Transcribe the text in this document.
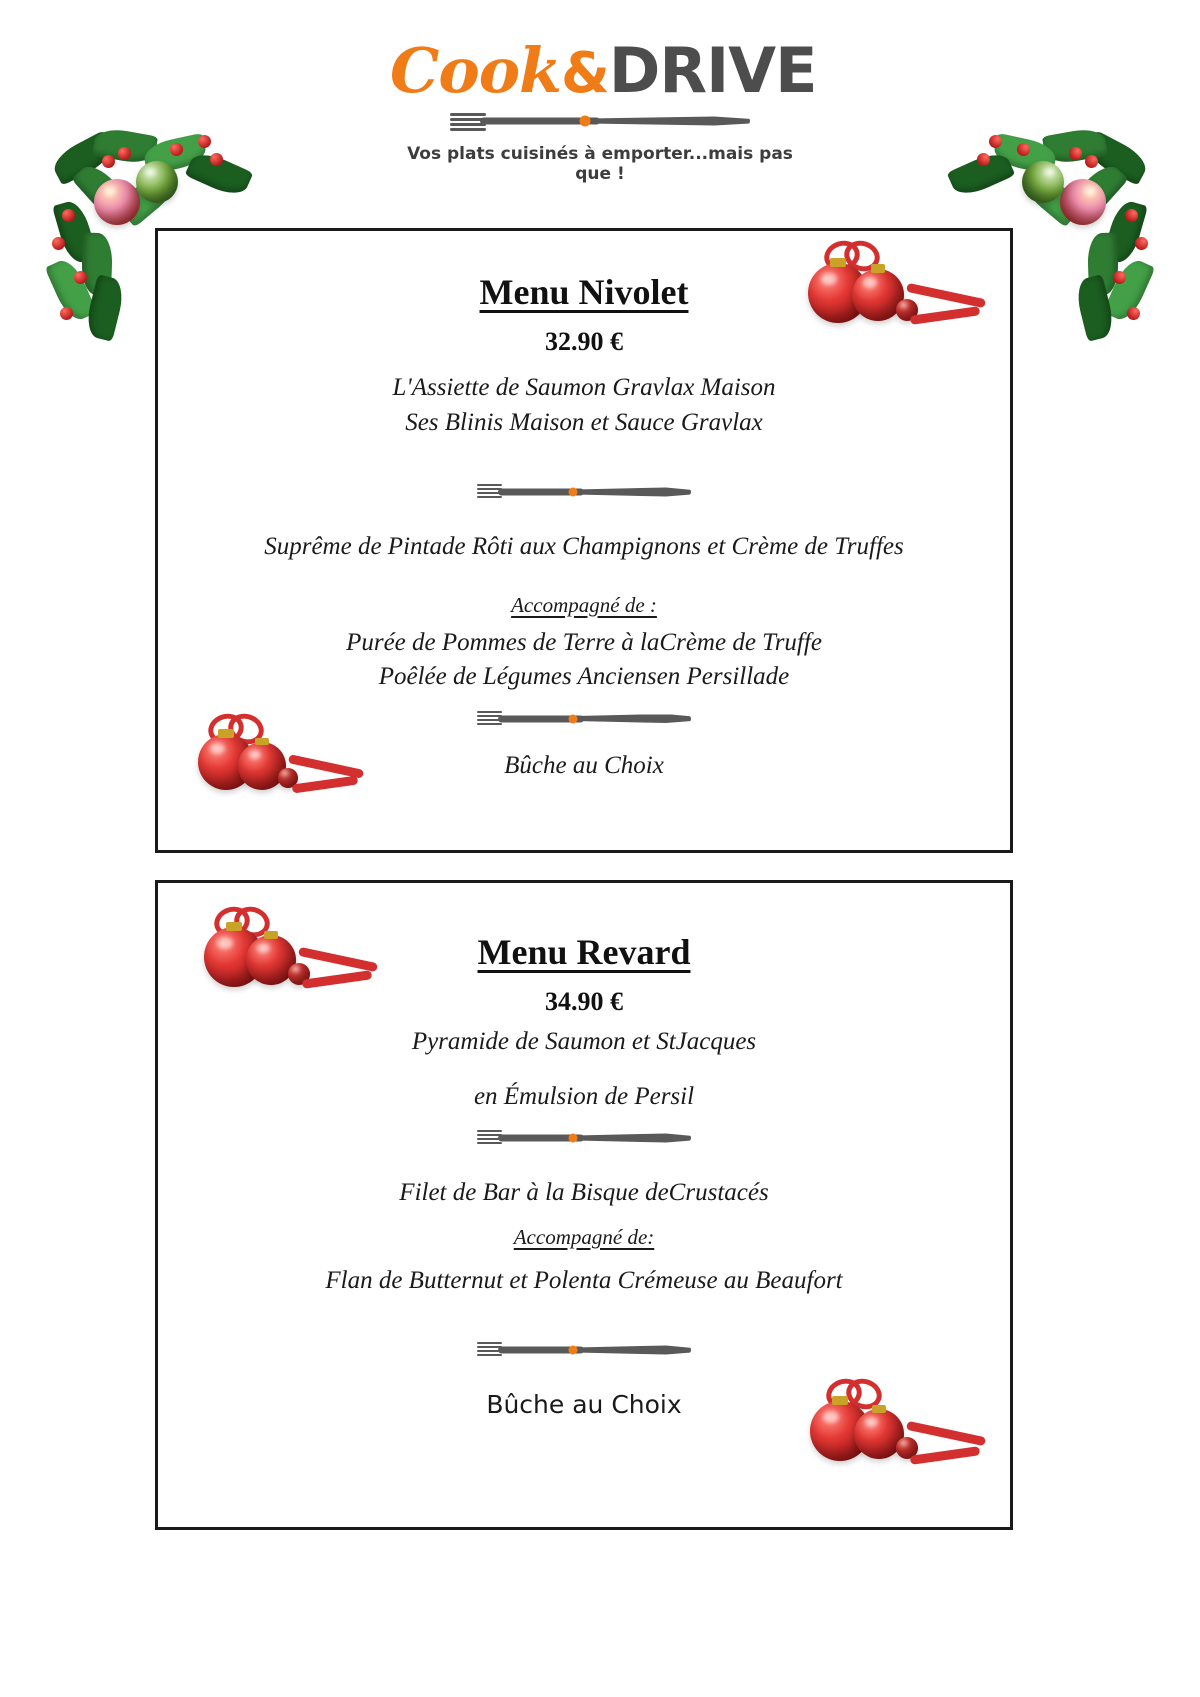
Cook&DRIVE
Vos plats cuisinés à emporter...mais pas que !
Menu Nivolet
32.90 €
L'Assiette de Saumon Gravlax Maison
Ses Blinis Maison et Sauce Gravlax
Suprême de Pintade Rôti aux Champignons et Crème de Truffes
Accompagné de :
Purée de Pommes de Terre à laCrème de Truffe
Poêlée de Légumes Anciensen Persillade
Bûche au Choix
Menu Revard
34.90 €
Pyramide de Saumon et StJacques
en Émulsion de Persil
Filet de Bar à la Bisque deCrustacés
Accompagné de:
Flan de Butternut et Polenta Crémeuse au Beaufort
Bûche au Choix
